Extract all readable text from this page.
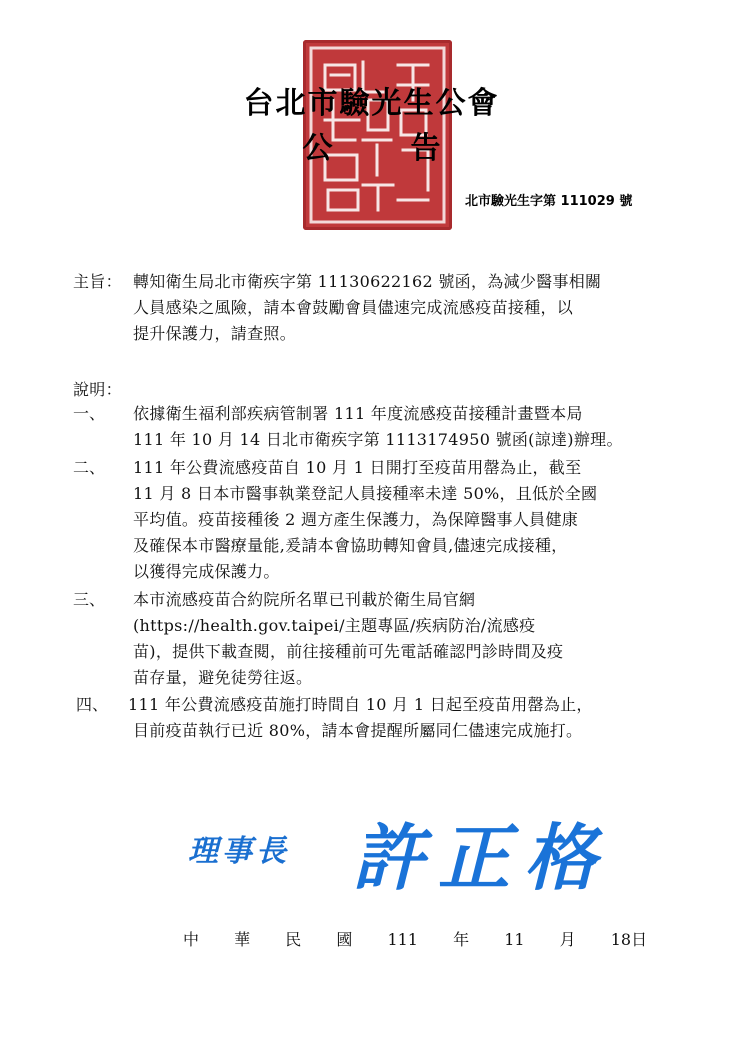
台北市驗光生公會
公告
北市驗光生字第 111029 號
主旨： 轉知衛生局北市衛疾字第 11130622162 號函，為減少醫事相關
人員感染之風險，請本會鼓勵會員儘速完成流感疫苗接種，以
提升保護力，請查照。
說明：
一、 依據衛生福利部疾病管制署 111 年度流感疫苗接種計畫暨本局
111 年 10 月 14 日北市衛疾字第 1113174950 號函(諒達)辦理。
二、 111 年公費流感疫苗自 10 月 1 日開打至疫苗用罄為止，截至
11 月 8 日本市醫事執業登記人員接種率未達 50%，且低於全國
平均值。疫苗接種後 2 週方產生保護力，為保障醫事人員健康
及確保本市醫療量能,爰請本會協助轉知會員,儘速完成接種，
以獲得完成保護力。
三、 本市流感疫苗合約院所名單已刊載於衛生局官網
(https://health.gov.taipei/主題專區/疾病防治/流感疫
苗)，提供下載查閱，前往接種前可先電話確認門診時間及疫
苗存量，避免徒勞往返。
四、 111 年公費流感疫苗施打時間自 10 月 1 日起至疫苗用罄為止，
目前疫苗執行已近 80%，請本會提醒所屬同仁儘速完成施打。
理事長 許正格
中 華 民 國 111 年 11 月 18日
